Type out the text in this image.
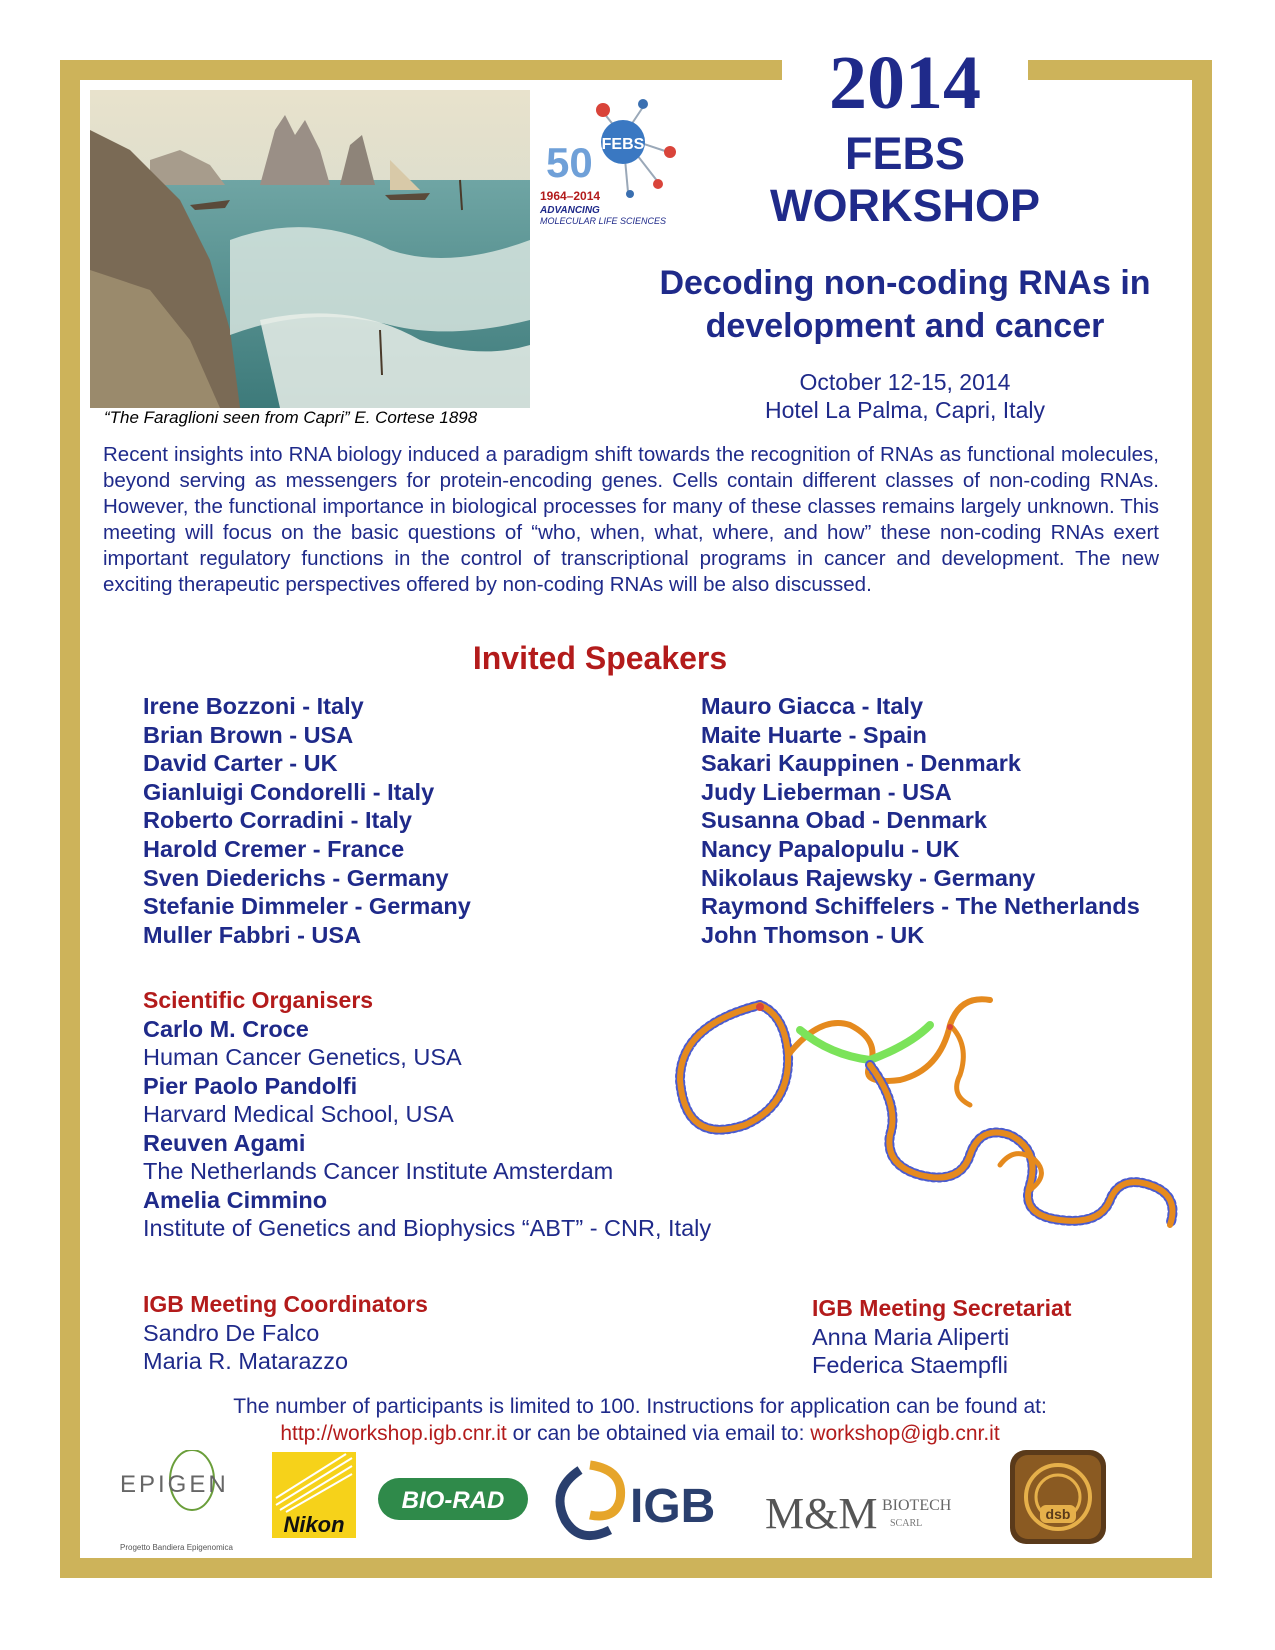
2014
FEBS
WORKSHOP
Decoding non-coding RNAs in
development and cancer
October 12-15, 2014
Hotel La Palma, Capri, Italy
“The Faraglioni seen from Capri” E. Cortese 1898
FEBS
50
1964–2014
ADVANCING
MOLECULAR LIFE SCIENCES
Recent insights into RNA biology induced a paradigm shift towards the recognition of RNAs as functional molecules, beyond serving as messengers for protein-encoding genes. Cells contain different classes of non-coding RNAs. However, the functional importance in biological processes for many of these classes remains largely unknown. This meeting will focus on the basic questions of “who, when, what, where, and how” these non-coding RNAs exert important regulatory functions in the control of transcriptional programs in cancer and development. The new exciting therapeutic perspectives offered by non-coding RNAs will be also discussed.
Invited Speakers
Irene Bozzoni - Italy
Brian Brown - USA
David Carter - UK
Gianluigi Condorelli - Italy
Roberto Corradini - Italy
Harold Cremer - France
Sven Diederichs - Germany
Stefanie Dimmeler - Germany
Muller Fabbri - USA
Mauro Giacca - Italy
Maite Huarte - Spain
Sakari Kauppinen - Denmark
Judy Lieberman - USA
Susanna Obad - Denmark
Nancy Papalopulu - UK
Nikolaus Rajewsky - Germany
Raymond Schiffelers - The Netherlands
John Thomson - UK
Scientific Organisers
Carlo M. Croce
Human Cancer Genetics, USA
Pier Paolo Pandolfi
Harvard Medical School, USA
Reuven Agami
The Netherlands Cancer Institute Amsterdam
Amelia Cimmino
Institute of Genetics and Biophysics “ABT” - CNR, Italy
IGB Meeting Coordinators
Sandro De Falco
Maria R. Matarazzo
IGB Meeting Secretariat
Anna Maria Aliperti
Federica Staempfli
The number of participants is limited to 100. Instructions for application can be found at:
http://workshop.igb.cnr.it or can be obtained via email to: workshop@igb.cnr.it
EPIGEN
Progetto Bandiera Epigenomica
Nikon
BIO-RAD	IGB M&M BIOTECH
SCARL
dsb
